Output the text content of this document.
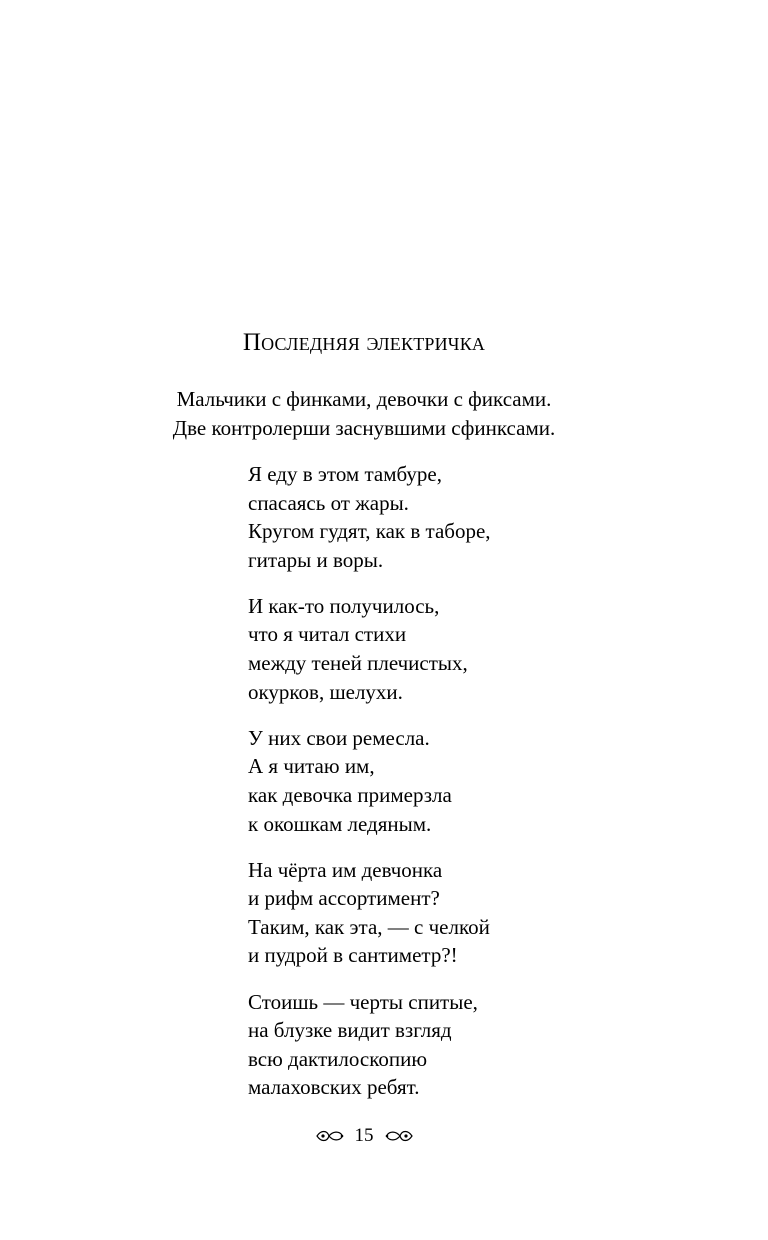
Последняя электричка
Мальчики с финками, девочки с фиксами.
Две контролерши заснувшими сфинксами.
Я еду в этом тамбуре,
спасаясь от жары.
Кругом гудят, как в таборе,
гитары и воры.
И как-то получилось,
что я читал стихи
между теней плечистых,
окурков, шелухи.
У них свои ремесла.
А я читаю им,
как девочка примерзла
к окошкам ледяным.
На чёрта им девчонка
и рифм ассортимент?
Таким, как эта, — с челкой
и пудрой в сантиметр?!
Стоишь — черты спитые,
на блузке видит взгляд
всю дактилоскопию
малаховских ребят.
15
